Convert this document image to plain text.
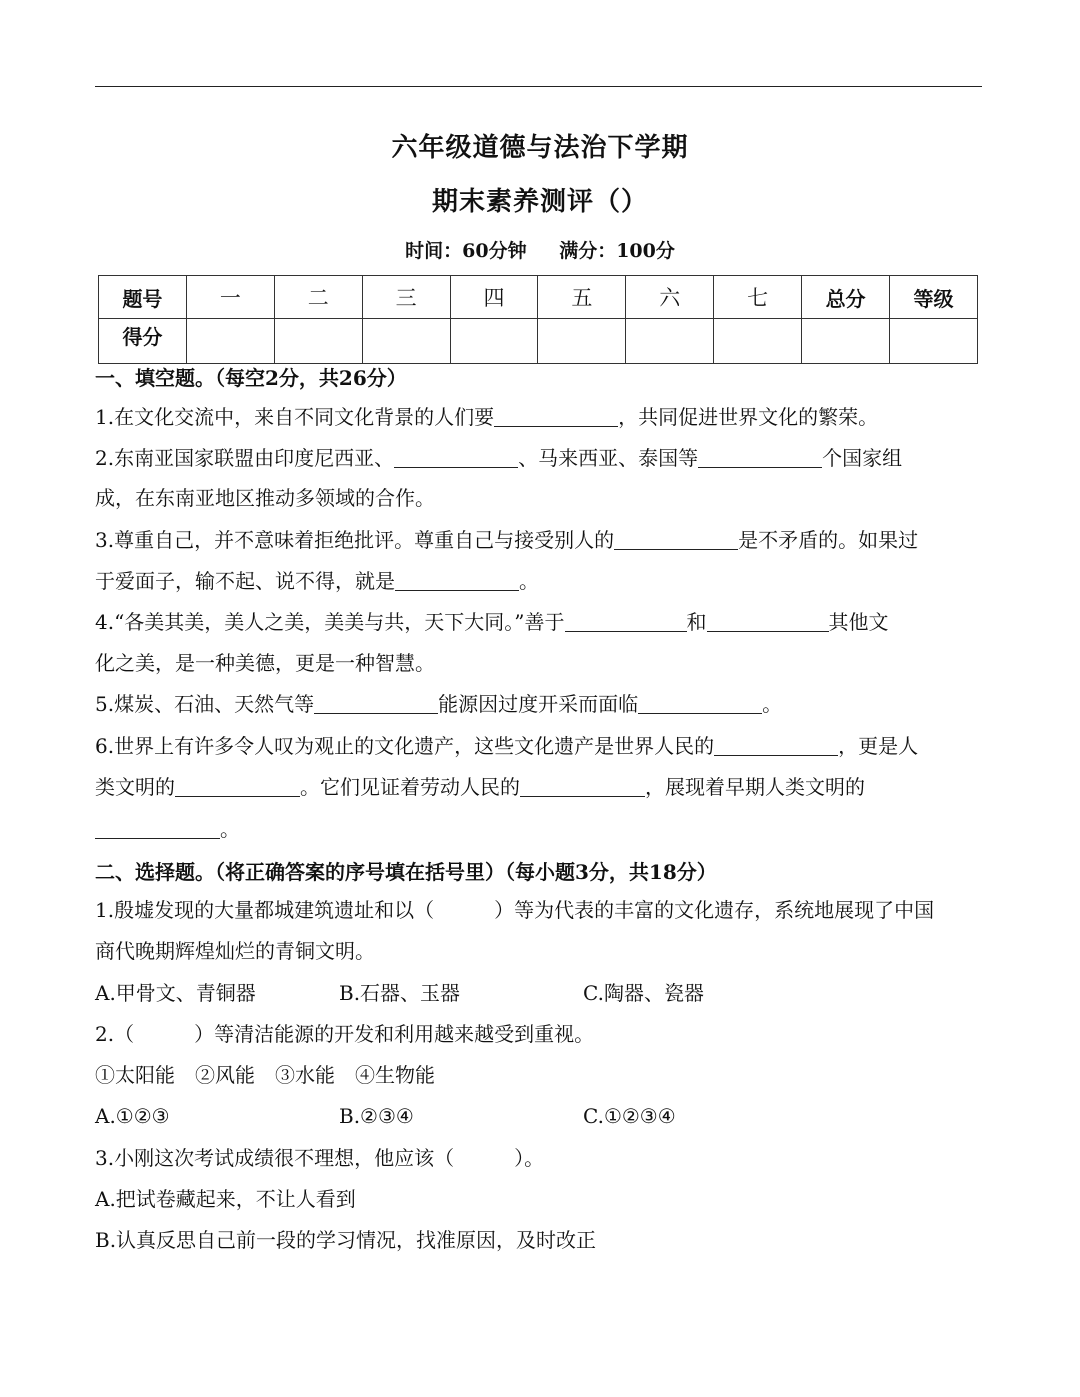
六年级道德与法治下学期
期末素养测评（）
时间：60分钟 满分：100分
题号	一	二	三	四	五	六	七	总分	等级
得分									
一、填空题。（每空2分，共26分）
1.在文化交流中，来自不同文化背景的人们要	，共同促进世界文化的繁荣。
2.东南亚国家联盟由印度尼西亚、	、马来西亚、泰国等	个国家组
成，在东南亚地区推动多领域的合作。
3.尊重自己，并不意味着拒绝批评。尊重自己与接受别人的	是不矛盾的。如果过
于爱面子，输不起、说不得，就是	。
4.“各美其美，美人之美，美美与共，天下大同。”善于	和	其他文
化之美，是一种美德，更是一种智慧。
5.煤炭、石油、天然气等	能源因过度开采而面临	。
6.世界上有许多令人叹为观止的文化遗产，这些文化遗产是世界人民的	，更是人
类文明的	。它们见证着劳动人民的	，展现着早期人类文明的
。
二、选择题。（将正确答案的序号填在括号里）（每小题3分，共18分）
1.殷墟发现的大量都城建筑遗址和以（　　　）等为代表的丰富的文化遗存，系统地展现了中国
商代晚期辉煌灿烂的青铜文明。
A.甲骨文、青铜器	B.石器、玉器	C.陶器、瓷器
2.（　　　）等清洁能源的开发和利用越来越受到重视。
①太阳能　②风能　③水能　④生物能
A.①②③	B.②③④	C.①②③④
3.小刚这次考试成绩很不理想，他应该（　　　）。
A.把试卷藏起来，不让人看到
B.认真反思自己前一段的学习情况，找准原因，及时改正
